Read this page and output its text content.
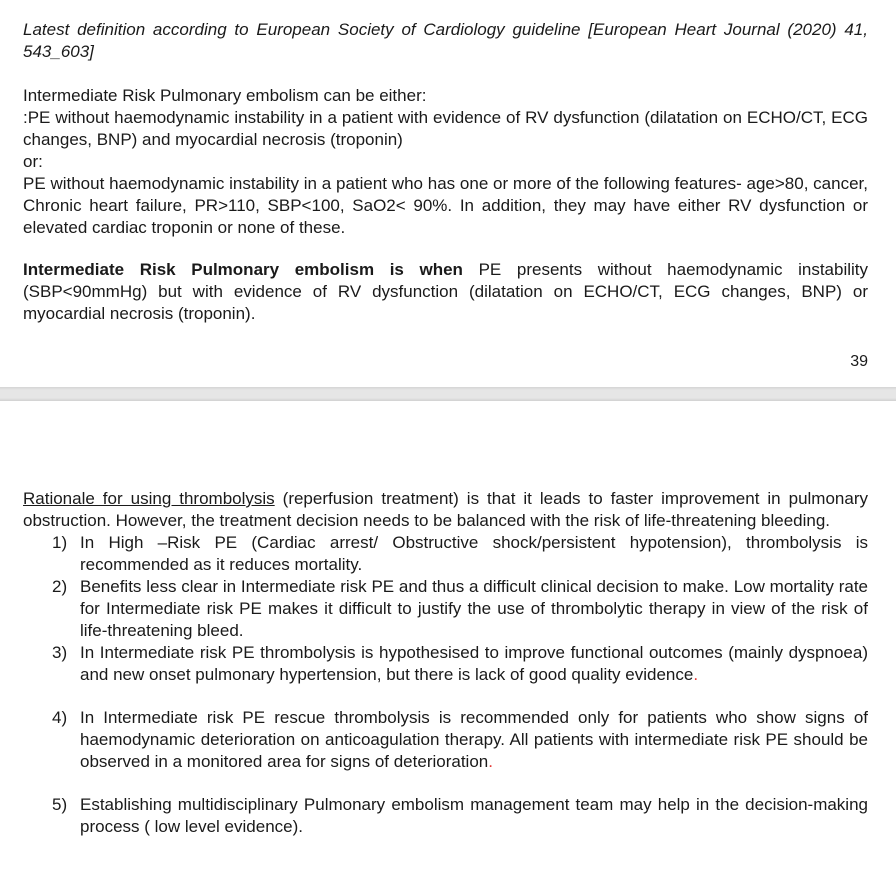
Latest definition according to European Society of Cardiology guideline [European Heart Journal (2020) 41, 543_603]

Intermediate Risk Pulmonary embolism can be either:

:PE without haemodynamic instability in a patient with evidence of RV dysfunction (dilatation on ECHO/CT, ECG changes, BNP) and myocardial necrosis (troponin)

or:

PE without haemodynamic instability in a patient who has one or more of the following features- age>80, cancer, Chronic heart failure, PR>110, SBP<100, SaO2< 90%. In addition, they may have either RV dysfunction or elevated cardiac troponin or none of these.

Intermediate Risk Pulmonary embolism is when PE presents without haemodynamic instability (SBP<90mmHg) but with evidence of RV dysfunction (dilatation on ECHO/CT, ECG changes, BNP) or myocardial necrosis (troponin).
39

Rationale for using thrombolysis (reperfusion treatment) is that it leads to faster improvement in pulmonary obstruction. However, the treatment decision needs to be balanced with the risk of life-threatening bleeding.

1) In High –Risk PE (Cardiac arrest/ Obstructive shock/persistent hypotension), thrombolysis is recommended as it reduces mortality.
2) Benefits less clear in Intermediate risk PE and thus a difficult clinical decision to make. Low mortality rate for Intermediate risk PE makes it difficult to justify the use of thrombolytic therapy in view of the risk of life-threatening bleed.
3) In Intermediate risk PE thrombolysis is hypothesised to improve functional outcomes (mainly dyspnoea) and new onset pulmonary hypertension, but there is lack of good quality evidence.
4) In Intermediate risk PE rescue thrombolysis is recommended only for patients who show signs of haemodynamic deterioration on anticoagulation therapy. All patients with intermediate risk PE should be observed in a monitored area for signs of deterioration.
5) Establishing multidisciplinary Pulmonary embolism management team may help in the decision-making process ( low level evidence).
